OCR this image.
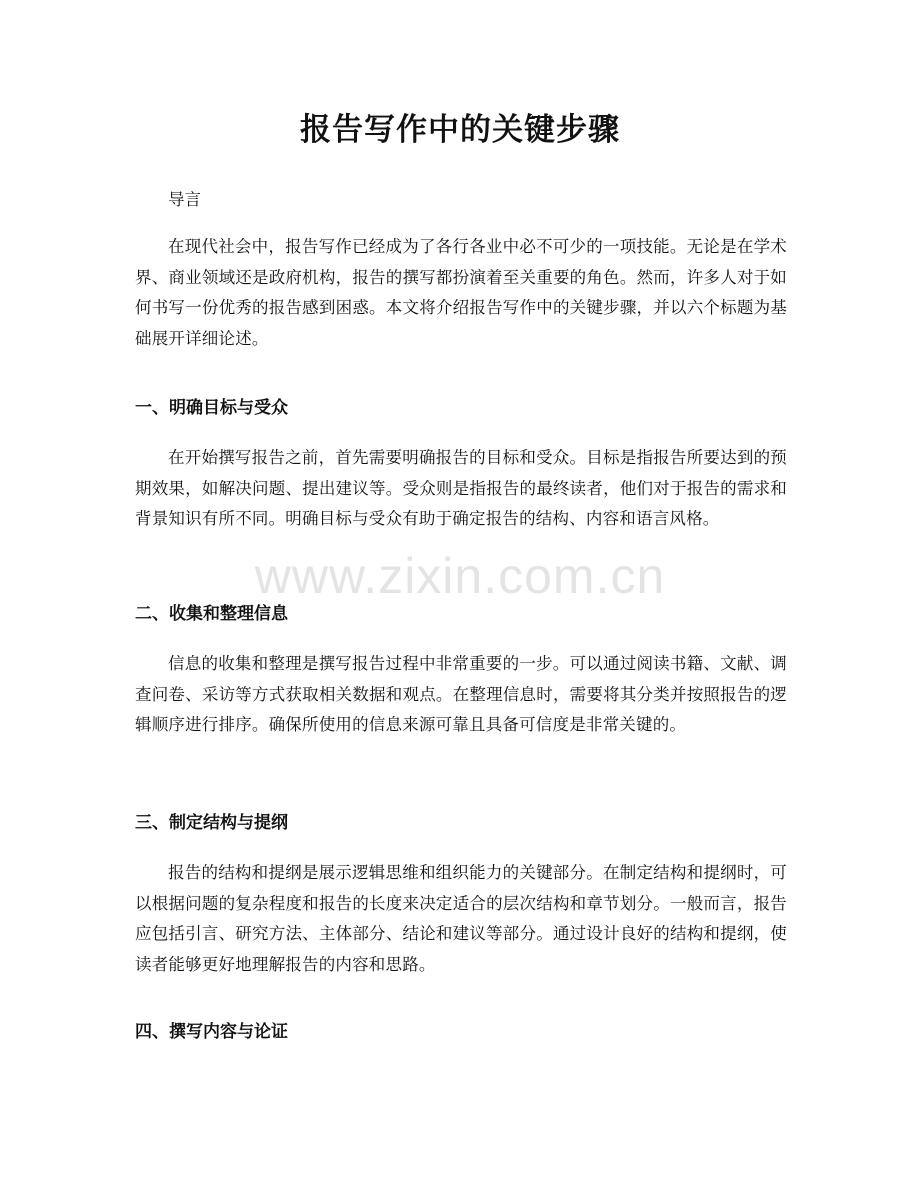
报告写作中的关键步骤
导言
在现代社会中，报告写作已经成为了各行各业中必不可少的一项技能。无论是在学术界、商业领域还是政府机构，报告的撰写都扮演着至关重要的角色。然而，许多人对于如何书写一份优秀的报告感到困惑。本文将介绍报告写作中的关键步骤，并以六个标题为基础展开详细论述。
一、明确目标与受众
在开始撰写报告之前，首先需要明确报告的目标和受众。目标是指报告所要达到的预期效果，如解决问题、提出建议等。受众则是指报告的最终读者，他们对于报告的需求和背景知识有所不同。明确目标与受众有助于确定报告的结构、内容和语言风格。
二、收集和整理信息
信息的收集和整理是撰写报告过程中非常重要的一步。可以通过阅读书籍、文献、调查问卷、采访等方式获取相关数据和观点。在整理信息时，需要将其分类并按照报告的逻辑顺序进行排序。确保所使用的信息来源可靠且具备可信度是非常关键的。
三、制定结构与提纲
报告的结构和提纲是展示逻辑思维和组织能力的关键部分。在制定结构和提纲时，可以根据问题的复杂程度和报告的长度来决定适合的层次结构和章节划分。一般而言，报告应包括引言、研究方法、主体部分、结论和建议等部分。通过设计良好的结构和提纲，使读者能够更好地理解报告的内容和思路。
四、撰写内容与论证
www.zixin.com.cn
